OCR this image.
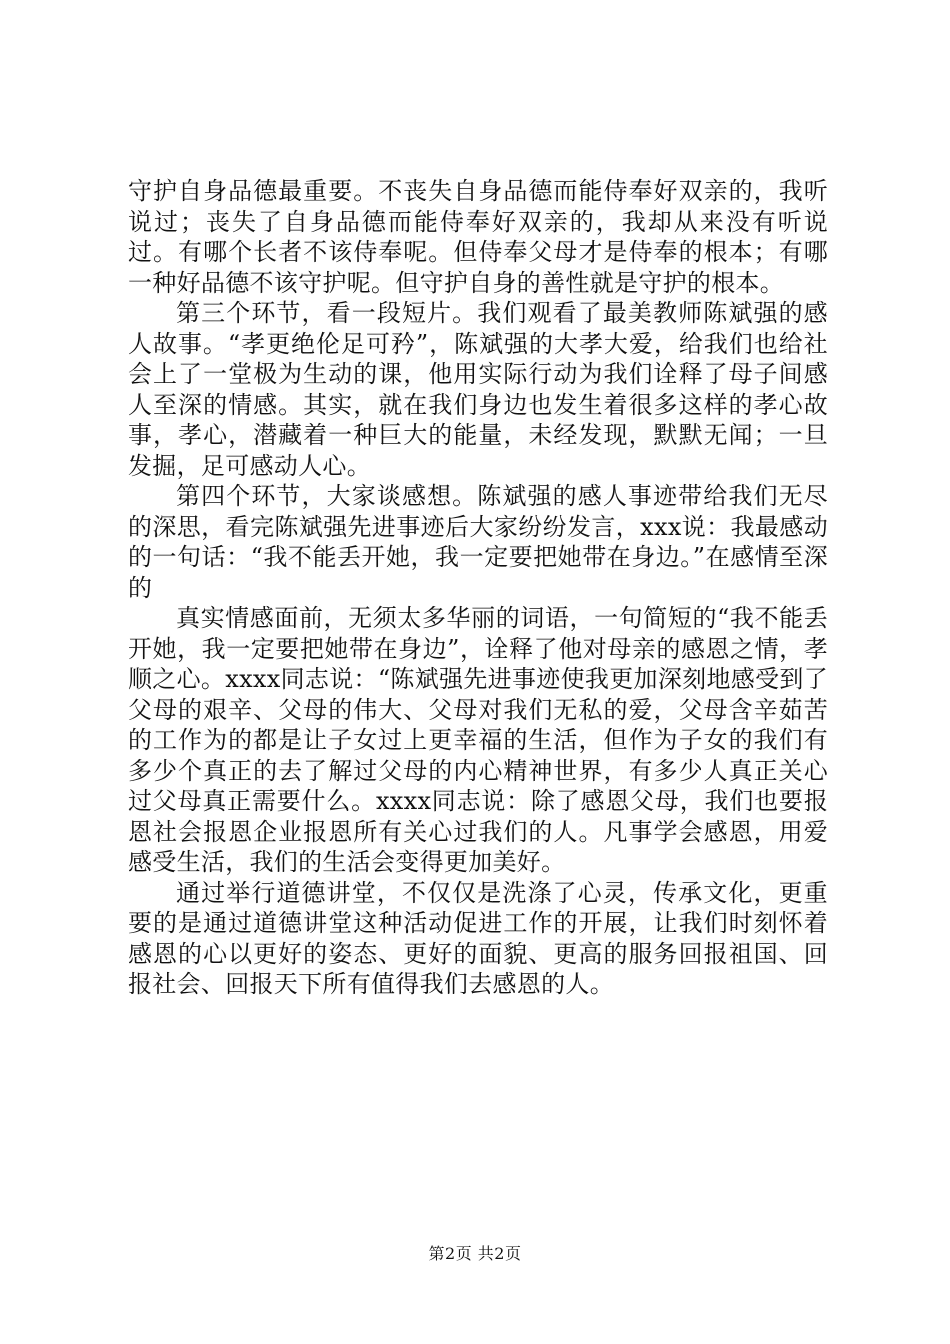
守护自身品德最重要。不丧失自身品德而能侍奉好双亲的，我听说过；丧失了自身品德而能侍奉好双亲的，我却从来没有听说过。有哪个长者不该侍奉呢。但侍奉父母才是侍奉的根本；有哪一种好品德不该守护呢。但守护自身的善性就是守护的根本。

第三个环节，看一段短片。我们观看了最美教师陈斌强的感人故事。“孝更绝伦足可矜”，陈斌强的大孝大爱，给我们也给社会上了一堂极为生动的课，他用实际行动为我们诠释了母子间感人至深的情感。其实，就在我们身边也发生着很多这样的孝心故事，孝心，潜藏着一种巨大的能量，未经发现，默默无闻；一旦发掘，足可感动人心。

第四个环节，大家谈感想。陈斌强的感人事迹带给我们无尽的深思，看完陈斌强先进事迹后大家纷纷发言，xxx说：我最感动的一句话：“我不能丢开她，我一定要把她带在身边。”在感情至深的

真实情感面前，无须太多华丽的词语，一句简短的“我不能丢开她，我一定要把她带在身边”，诠释了他对母亲的感恩之情，孝顺之心。xxxx同志说：“陈斌强先进事迹使我更加深刻地感受到了父母的艰辛、父母的伟大、父母对我们无私的爱，父母含辛茹苦的工作为的都是让子女过上更幸福的生活，但作为子女的我们有多少个真正的去了解过父母的内心精神世界，有多少人真正关心过父母真正需要什么。xxxx同志说：除了感恩父母，我们也要报恩社会报恩企业报恩所有关心过我们的人。凡事学会感恩，用爱感受生活，我们的生活会变得更加美好。

通过举行道德讲堂，不仅仅是洗涤了心灵，传承文化，更重要的是通过道德讲堂这种活动促进工作的开展，让我们时刻怀着感恩的心以更好的姿态、更好的面貌、更高的服务回报祖国、回报社会、回报天下所有值得我们去感恩的人。

第2页 共2页
